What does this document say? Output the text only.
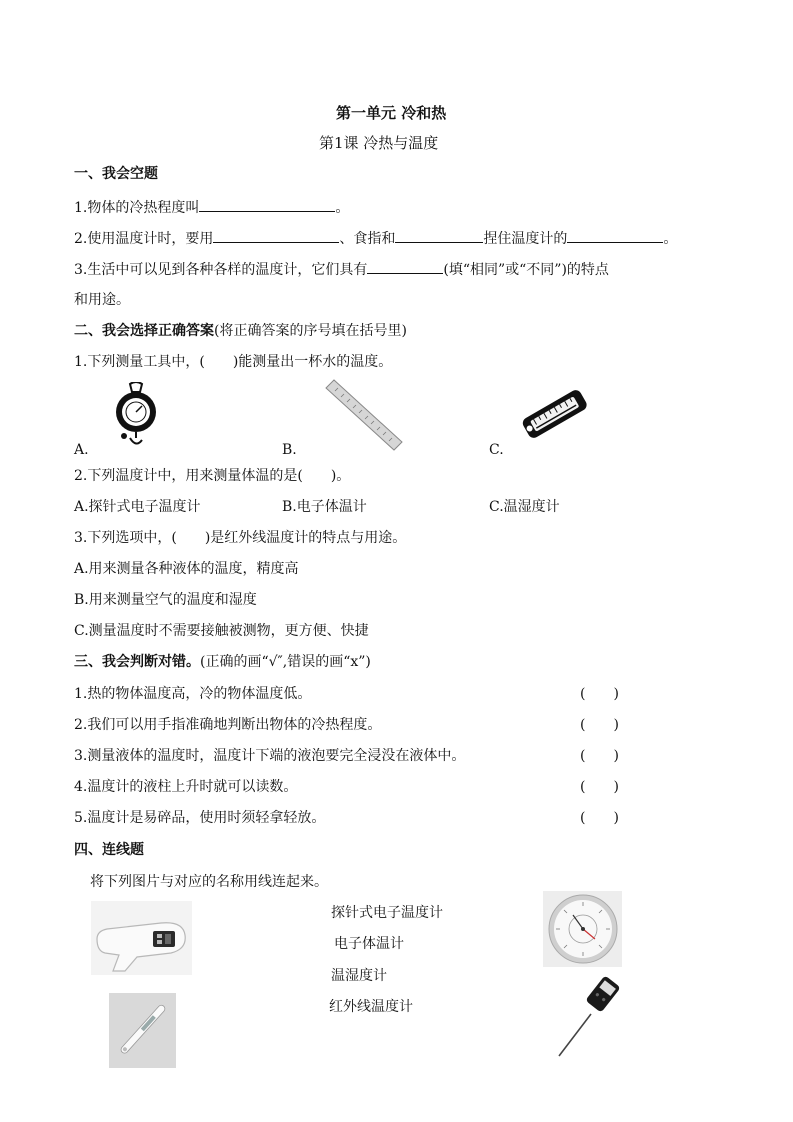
第一单元 冷和热
第1课 冷热与温度
一、我会空题
1.物体的冷热程度叫	。
2.使用温度计时，要用	、食指和	捏住温度计的	。
3.生活中可以见到各种各样的温度计，它们具有	(填“相同”或“不同”)的特点
和用途。
二、我会选择正确答案(将正确答案的序号填在括号里)
1.下列测量工具中，(　　)能测量出一杯水的温度。
A.	B.	C.
2.下列温度计中，用来测量体温的是(　　)。
A.探针式电子温度计	B.电子体温计	C.温湿度计
3.下列选项中，(　　)是红外线温度计的特点与用途。
A.用来测量各种液体的温度，精度高
B.用来测量空气的温度和湿度
C.测量温度时不需要接触被测物，更方便、快捷
三、我会判断对错。(正确的画“√″,错误的画“x”)
1.热的物体温度高，冷的物体温度低。	(　　)
2.我们可以用手指准确地判断出物体的冷热程度。	(　　)
3.测量液体的温度时，温度计下端的液泡要完全浸没在液体中。	(　　)
4.温度计的液柱上升时就可以读数。	(　　)
5.温度计是易碎品，使用时须轻拿轻放。	(　　)
四、连线题
将下列图片与对应的名称用线连起来。
探针式电子温度计
电子体温计
温湿度计
红外线温度计
